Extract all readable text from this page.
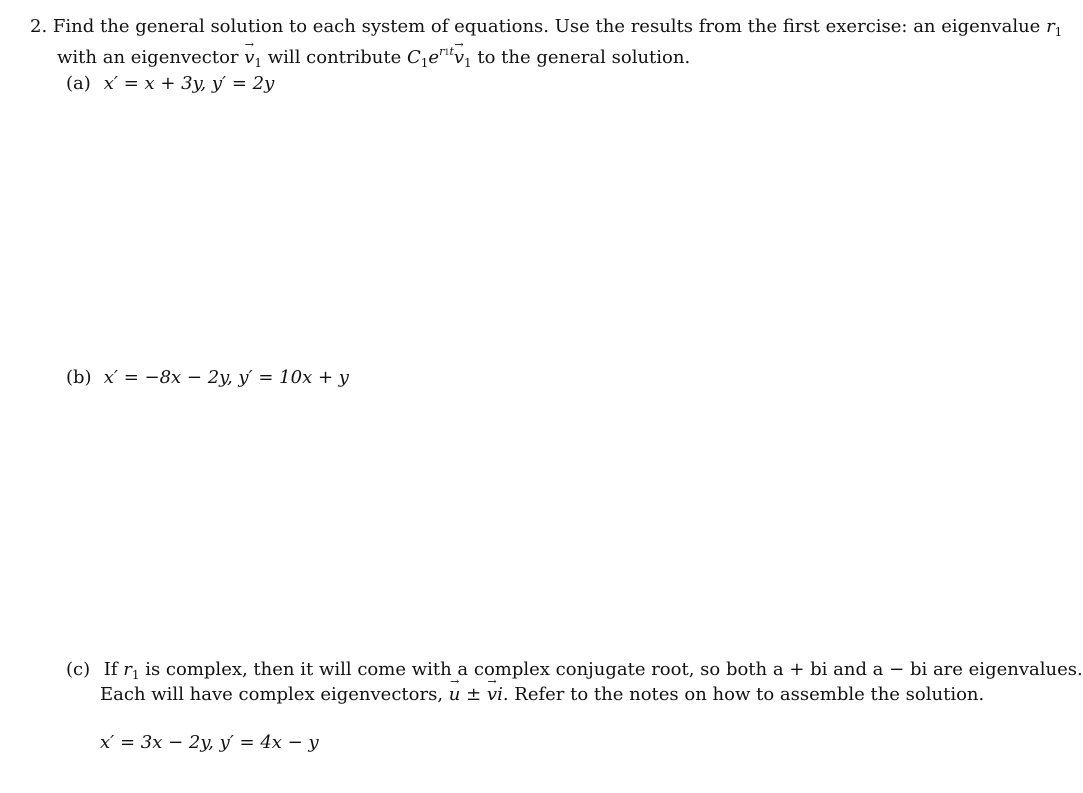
2. Find the general solution to each system of equations. Use the results from the first exercise: an eigenvalue $r_1$
with an eigenvector → $v_1$ will contribute $C_1e^{r1t}\to v_1$ to the general solution.
(a) x′ = x + 3y, y′ = 2y
(b) x′ = −8x − 2y, y′ = 10x + y
(c) If $r_1$ is complex, then it will come with a complex conjugate root, so both a + bi and a − bi are eigenvalues.
Each will have complex eigenvectors, → u ± → vi. Refer to the notes on how to assemble the solution.
x′ = 3x − 2y, y′ = 4x − y
